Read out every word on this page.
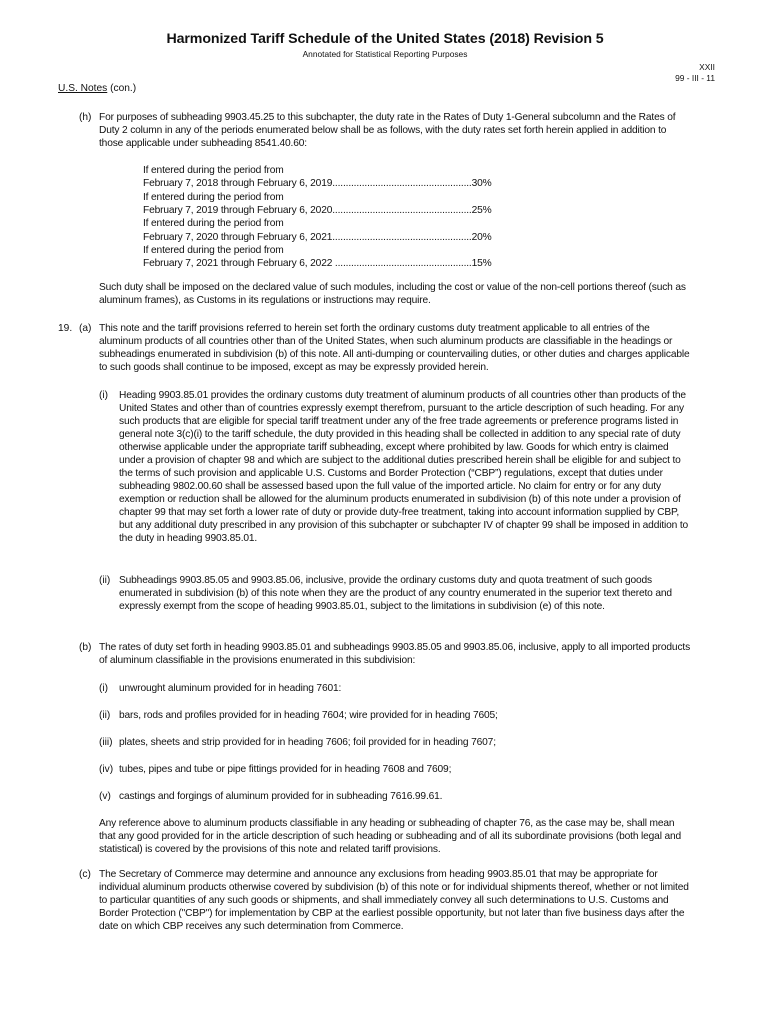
Harmonized Tariff Schedule of the United States (2018) Revision 5
Annotated for Statistical Reporting Purposes
XXII
99 - III - 11
U.S. Notes (con.)
(h) For purposes of subheading 9903.45.25 to this subchapter, the duty rate in the Rates of Duty 1-General subcolumn and the Rates of Duty 2 column in any of the periods enumerated below shall be as follows, with the duty rates set forth herein applied in addition to those applicable under subheading 8541.40.60:
If entered during the period from
February 7, 2018 through February 6, 2019....................................................30%
If entered during the period from
February 7, 2019 through February 6, 2020....................................................25%
If entered during the period from
February 7, 2020 through February 6, 2021....................................................20%
If entered during the period from
February 7, 2021 through February 6, 2022 ...................................................15%
Such duty shall be imposed on the declared value of such modules, including the cost or value of the non-cell portions thereof (such as aluminum frames), as Customs in its regulations or instructions may require.
19. (a) This note and the tariff provisions referred to herein set forth the ordinary customs duty treatment applicable to all entries of the aluminum products of all countries other than of the United States, when such aluminum products are classifiable in the headings or subheadings enumerated in subdivision (b) of this note. All anti-dumping or countervailing duties, or other duties and charges applicable to such goods shall continue to be imposed, except as may be expressly provided herein.
(i) Heading 9903.85.01 provides the ordinary customs duty treatment of aluminum products of all countries other than products of the United States and other than of countries expressly exempt therefrom, pursuant to the article description of such heading. For any such products that are eligible for special tariff treatment under any of the free trade agreements or preference programs listed in general note 3(c)(i) to the tariff schedule, the duty provided in this heading shall be collected in addition to any special rate of duty otherwise applicable under the appropriate tariff subheading, except where prohibited by law. Goods for which entry is claimed under a provision of chapter 98 and which are subject to the additional duties prescribed herein shall be eligible for and subject to the terms of such provision and applicable U.S. Customs and Border Protection (“CBP”) regulations, except that duties under subheading 9802.00.60 shall be assessed based upon the full value of the imported article. No claim for entry or for any duty exemption or reduction shall be allowed for the aluminum products enumerated in subdivision (b) of this note under a provision of chapter 99 that may set forth a lower rate of duty or provide duty-free treatment, taking into account information supplied by CBP, but any additional duty prescribed in any provision of this subchapter or subchapter IV of chapter 99 shall be imposed in addition to the duty in heading 9903.85.01.
(ii) Subheadings 9903.85.05 and 9903.85.06, inclusive, provide the ordinary customs duty and quota treatment of such goods enumerated in subdivision (b) of this note when they are the product of any country enumerated in the superior text thereto and expressly exempt from the scope of heading 9903.85.01, subject to the limitations in subdivision (e) of this note.
(b) The rates of duty set forth in heading 9903.85.01 and subheadings 9903.85.05 and 9903.85.06, inclusive, apply to all imported products of aluminum classifiable in the provisions enumerated in this subdivision:
(i) unwrought aluminum provided for in heading 7601:
(ii) bars, rods and profiles provided for in heading 7604; wire provided for in heading 7605;
(iii) plates, sheets and strip provided for in heading 7606; foil provided for in heading 7607;
(iv) tubes, pipes and tube or pipe fittings provided for in heading 7608 and 7609;
(v) castings and forgings of aluminum provided for in subheading 7616.99.61.
Any reference above to aluminum products classifiable in any heading or subheading of chapter 76, as the case may be, shall mean that any good provided for in the article description of such heading or subheading and of all its subordinate provisions (both legal and statistical) is covered by the provisions of this note and related tariff provisions.
(c) The Secretary of Commerce may determine and announce any exclusions from heading 9903.85.01 that may be appropriate for individual aluminum products otherwise covered by subdivision (b) of this note or for individual shipments thereof, whether or not limited to particular quantities of any such goods or shipments, and shall immediately convey all such determinations to U.S. Customs and Border Protection ("CBP") for implementation by CBP at the earliest possible opportunity, but not later than five business days after the date on which CBP receives any such determination from Commerce.
